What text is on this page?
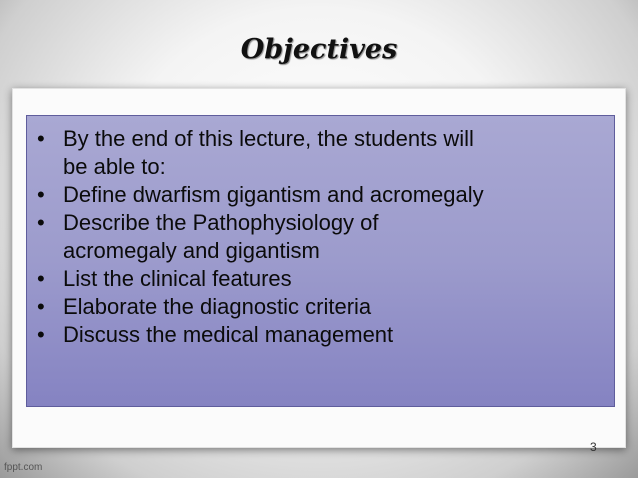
Objectives
• By the end of this lecture, the students will
be able to:
• Define dwarfism gigantism and acromegaly
• Describe the Pathophysiology of
acromegaly and gigantism
• List the clinical features
• Elaborate the diagnostic criteria
• Discuss the medical management
3
fppt.com
